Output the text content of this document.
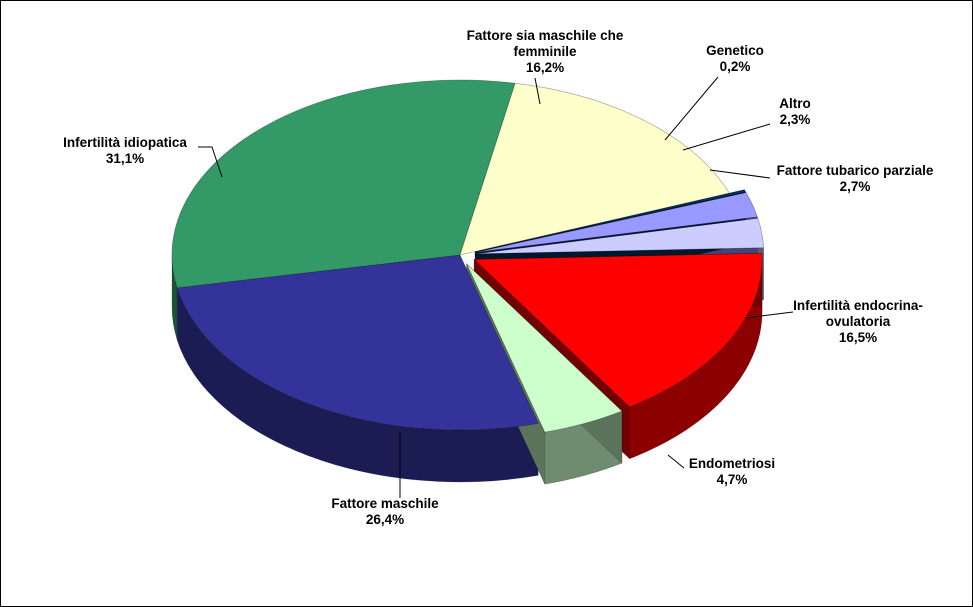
Infertilità endocrina-ovulatoria 16,5%
Endometriosi 4,7%
Fattore maschile 26,4%
Infertilità idiopatica 31,1%
Fattore sia maschile che femminile 16,2%
Genetico 0,2%
Altro 2,3%
Fattore tubarico parziale 2,7%
